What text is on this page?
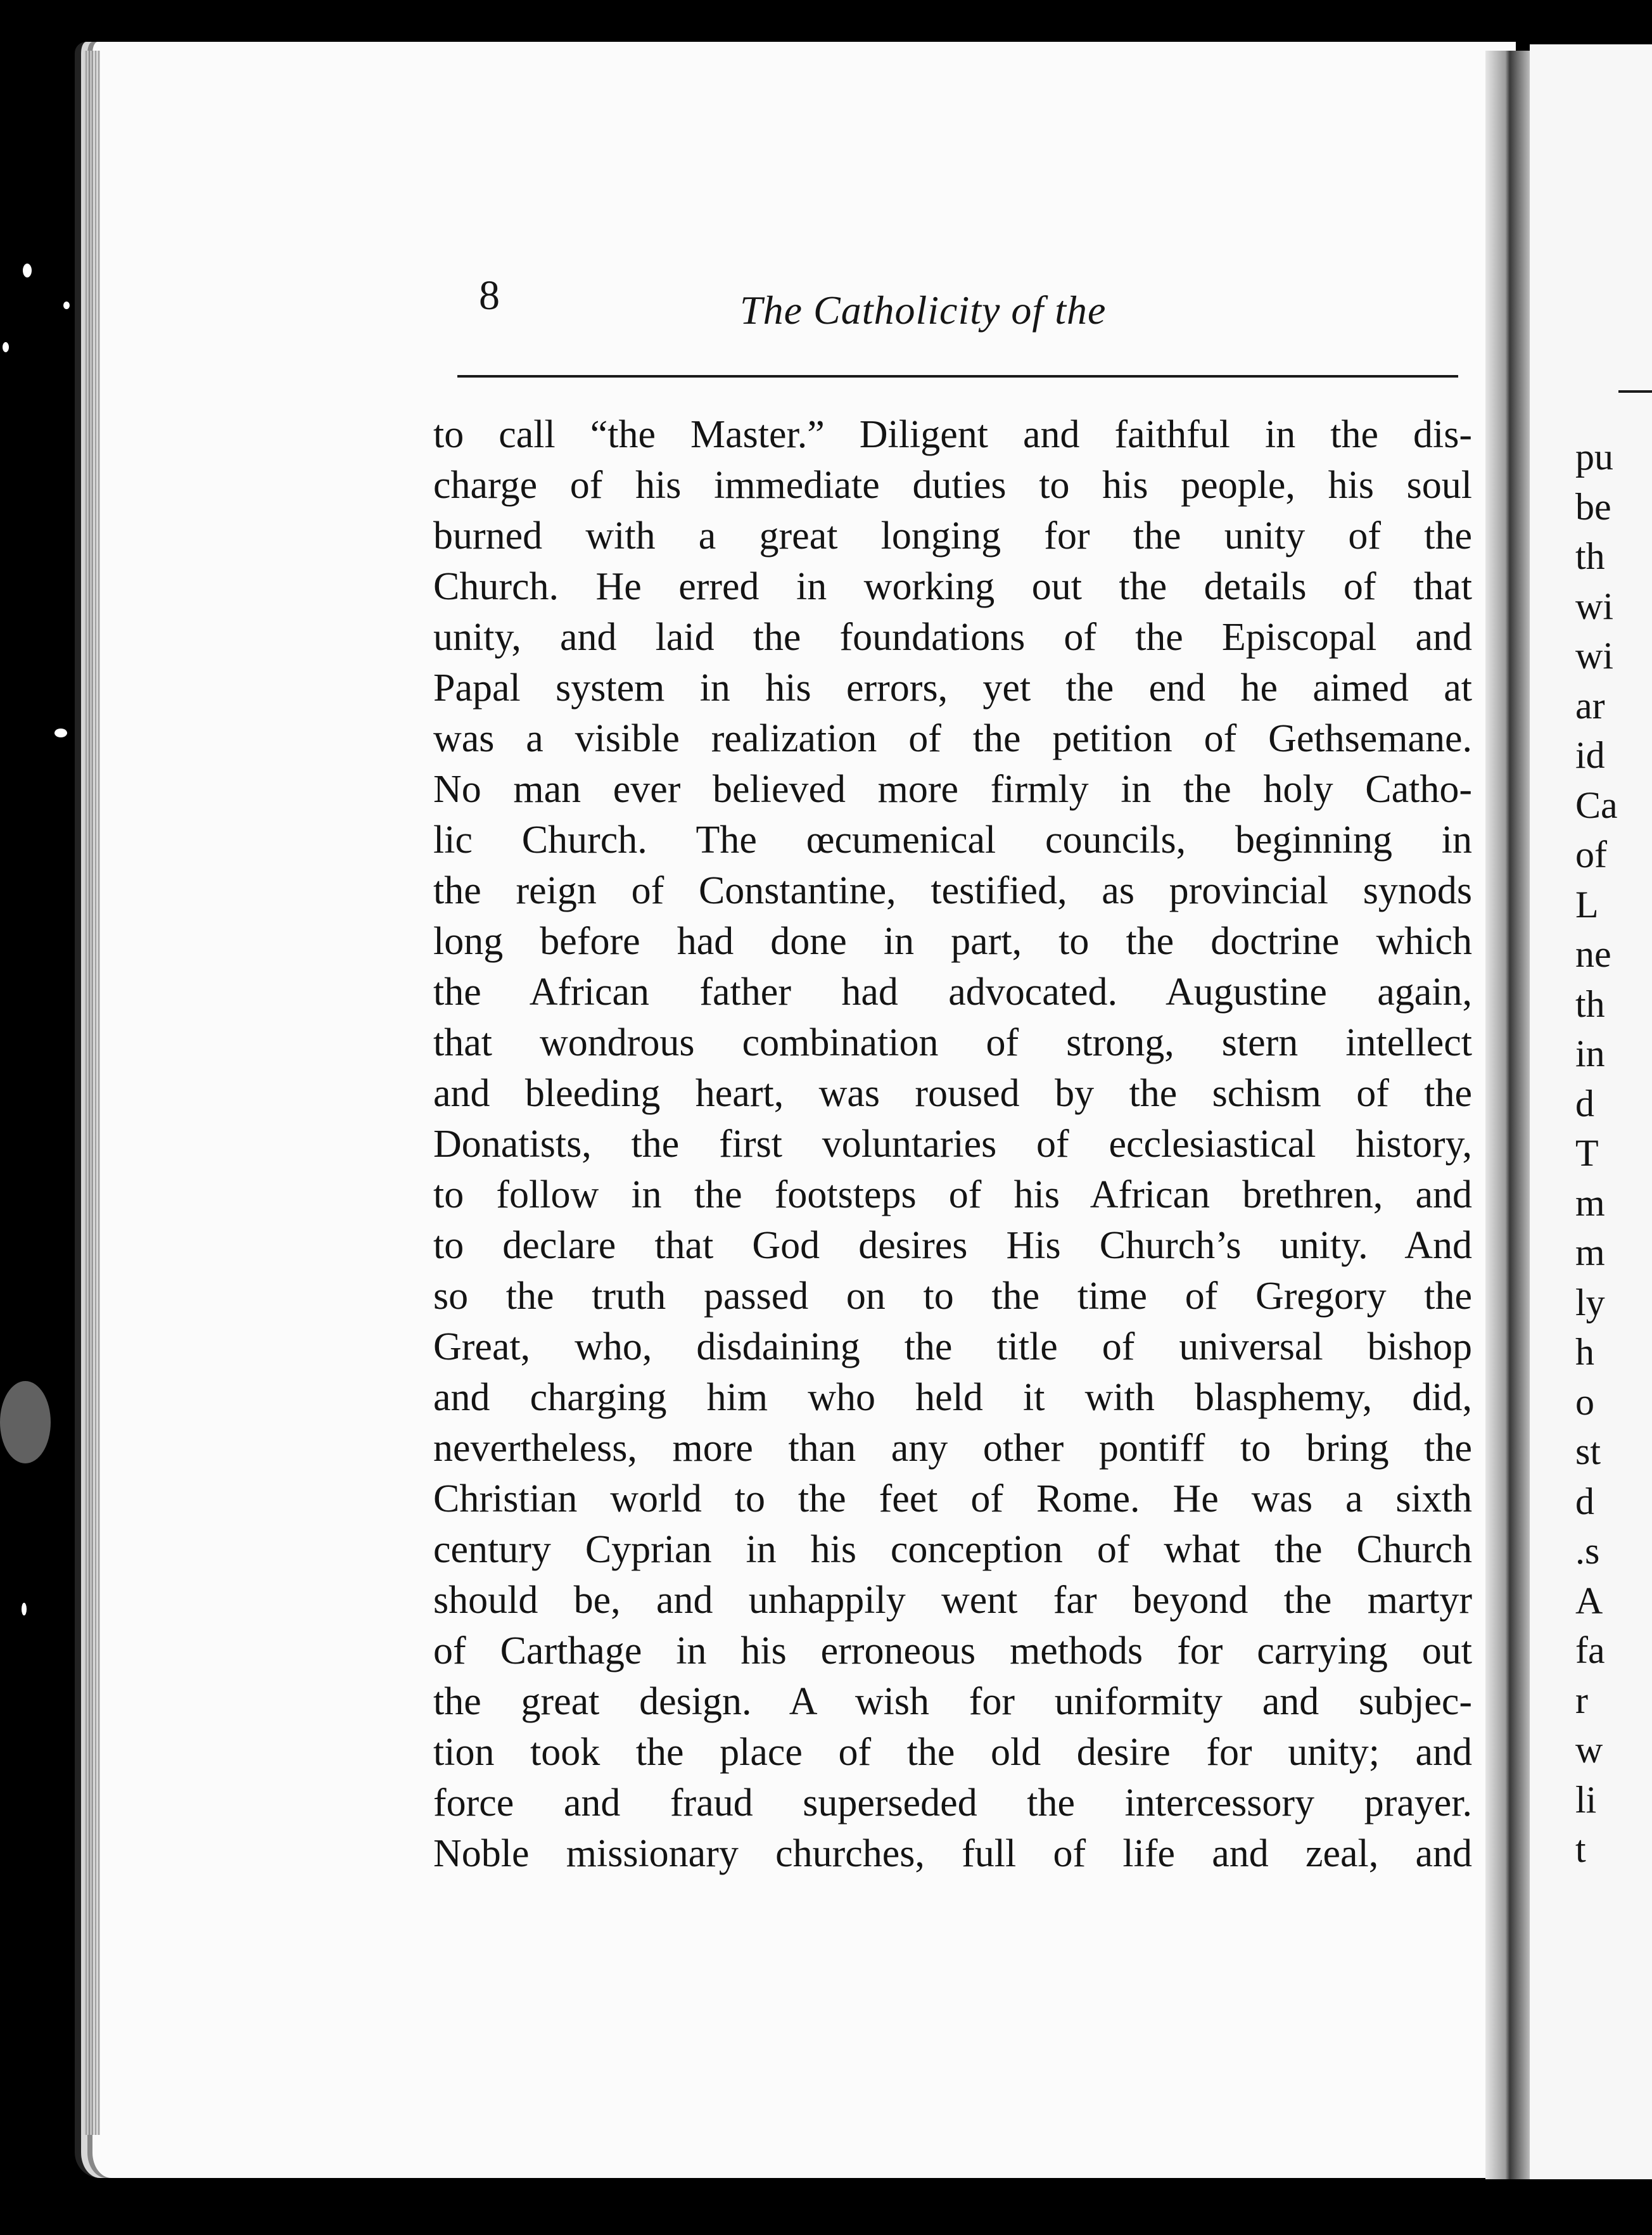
8	The Catholicity of the
to call “the Master.” Diligent and faithful in the dis-
charge of his immediate duties to his people, his soul
burned with a great longing for the unity of the
Church. He erred in working out the details of that
unity, and laid the foundations of the Episcopal and
Papal system in his errors, yet the end he aimed at
was a visible realization of the petition of Gethsemane.
No man ever believed more firmly in the holy Catho-
lic Church. The œcumenical councils, beginning in
the reign of Constantine, testified, as provincial synods
long before had done in part, to the doctrine which
the African father had advocated. Augustine again,
that wondrous combination of strong, stern intellect
and bleeding heart, was roused by the schism of the
Donatists, the first voluntaries of ecclesiastical history,
to follow in the footsteps of his African brethren, and
to declare that God desires His Church’s unity. And
so the truth passed on to the time of Gregory the
Great, who, disdaining the title of universal bishop
and charging him who held it with blasphemy, did,
nevertheless, more than any other pontiff to bring the
Christian world to the feet of Rome. He was a sixth
century Cyprian in his conception of what the Church
should be, and unhappily went far beyond the martyr
of Carthage in his erroneous methods for carrying out
the great design. A wish for uniformity and subjec-
tion took the place of the old desire for unity; and
force and fraud superseded the intercessory prayer.
Noble missionary churches, full of life and zeal, and
pu
be
th
wi
wi
ar
id
Ca
of
L
ne
th
in
d
T
m
m
ly
h
o
st
d
.s
A
fa
r
w
li
t
